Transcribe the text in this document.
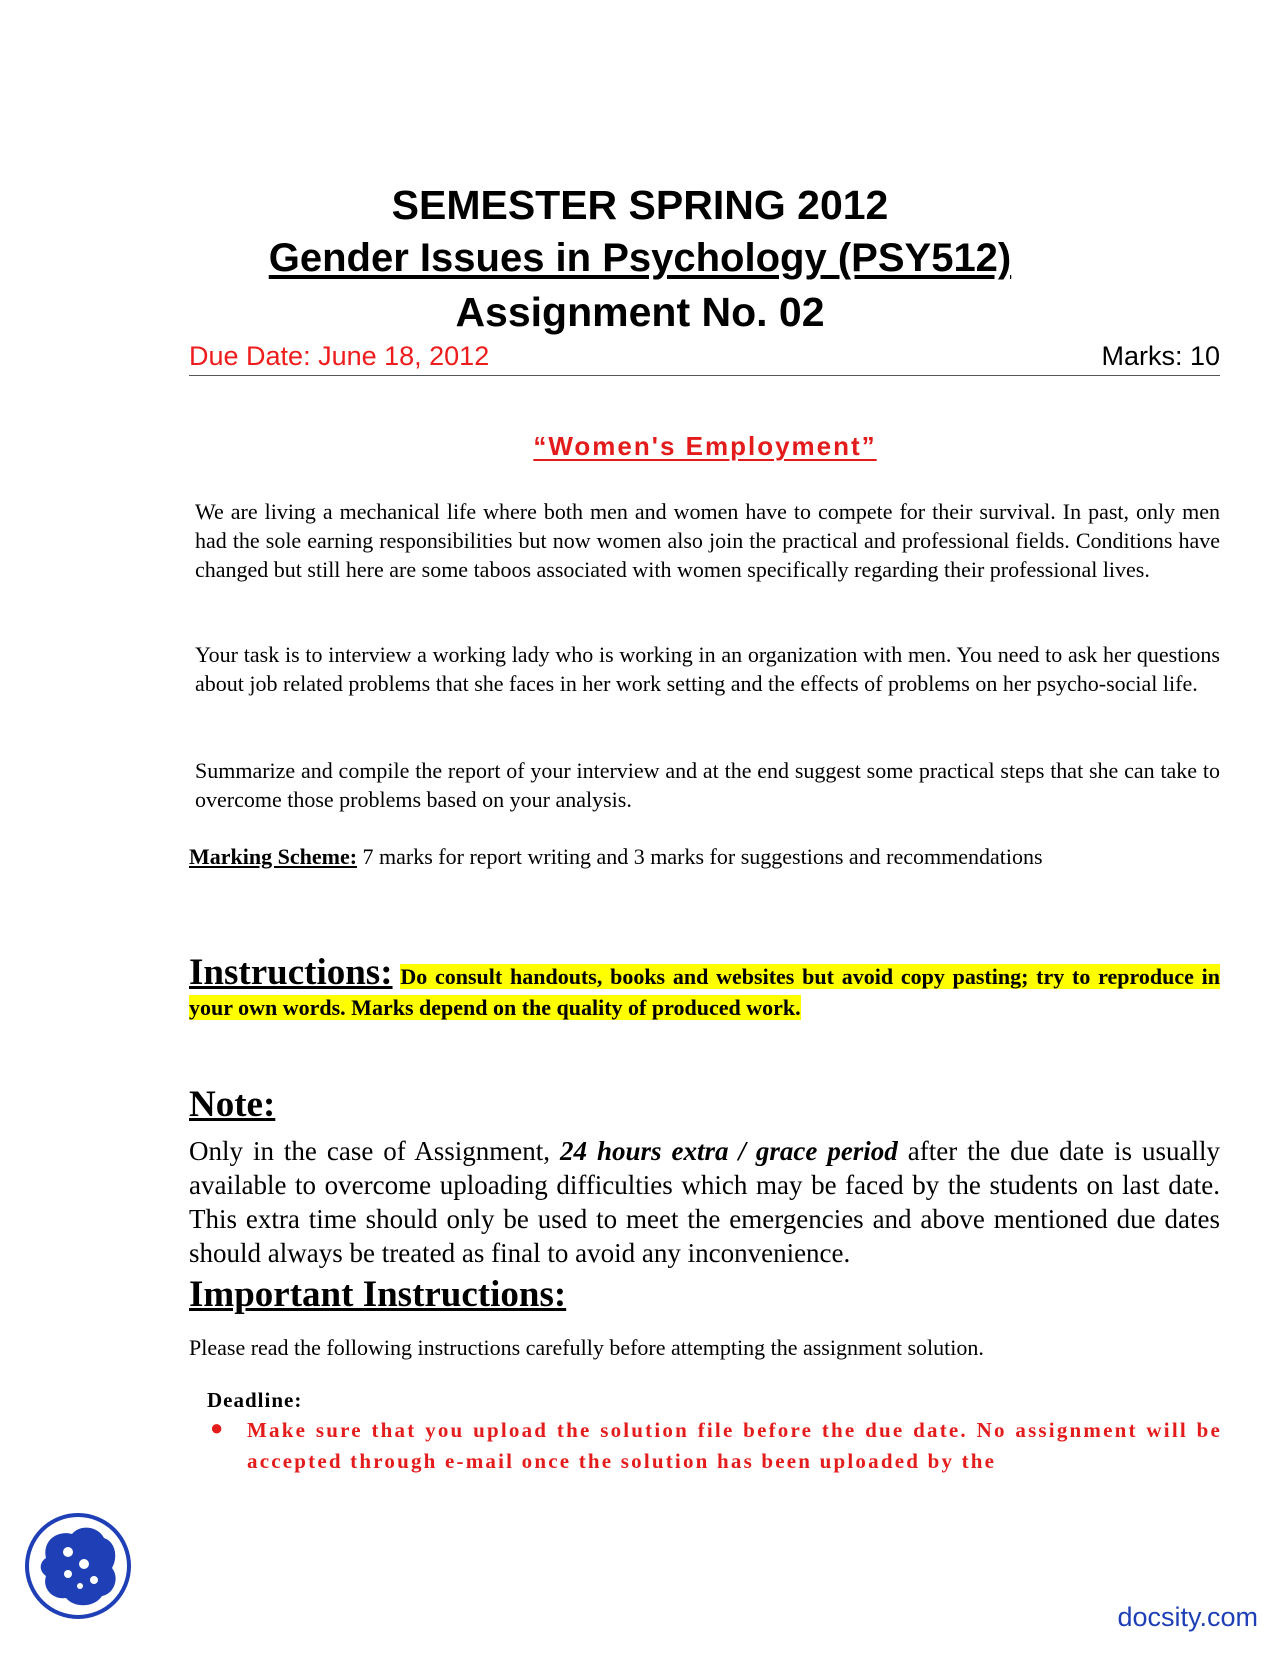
SEMESTER SPRING 2012
Gender Issues in Psychology (PSY512)
Assignment No. 02
Due Date: June 18, 2012	Marks: 10
“Women's Employment”

We are living a mechanical life where both men and women have to compete for their survival. In past, only men had the sole earning responsibilities but now women also join the practical and professional fields. Conditions have changed but still here are some taboos associated with women specifically regarding their professional lives.

Your task is to interview a working lady who is working in an organization with men. You need to ask her questions about job related problems that she faces in her work setting and the effects of problems on her psycho-social life.

Summarize and compile the report of your interview and at the end suggest some practical steps that she can take to overcome those problems based on your analysis.

Marking Scheme: 7 marks for report writing and 3 marks for suggestions and recommendations
Instructions: Do consult handouts, books and websites but avoid copy pasting; try to reproduce in your own words. Marks depend on the quality of produced work.
Note:

Only in the case of Assignment, 24 hours extra / grace period after the due date is usually available to overcome uploading difficulties which may be faced by the students on last date. This extra time should only be used to meet the emergencies and above mentioned due dates should always be treated as final to avoid any inconvenience.

Important Instructions:
Please read the following instructions carefully before attempting the assignment solution.
Deadline:
● Make sure that you upload the solution file before the due date. No assignment will be accepted through e-mail once the solution has been uploaded by the

docsity.com
